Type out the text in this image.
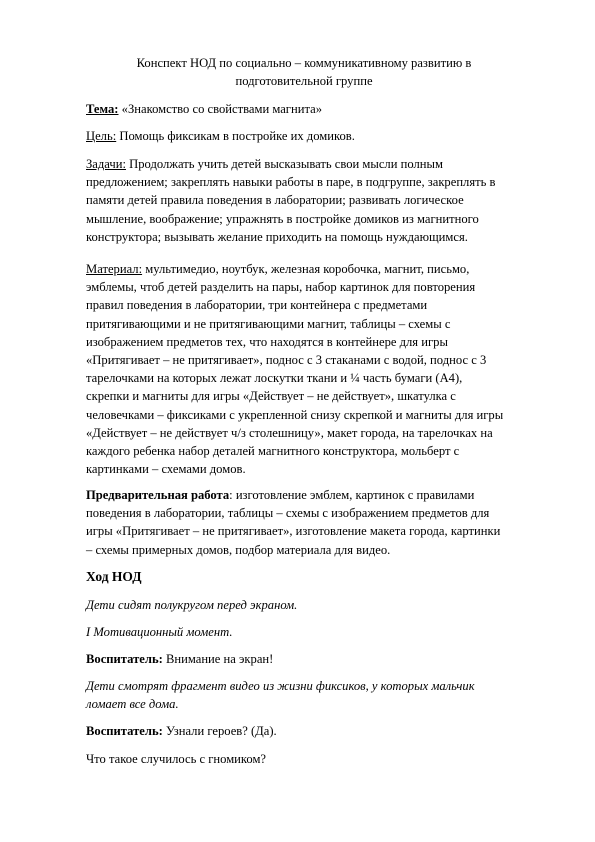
Конспект НОД по социально – коммуникативному развитию в
подготовительной группе
Тема: «Знакомство со свойствами магнита»
Цель: Помощь фиксикам в постройке их домиков.
Задачи: Продолжать учить детей высказывать свои мысли полным
предложением; закреплять навыки работы в паре, в подгруппе, закреплять в
памяти детей правила поведения в лаборатории; развивать логическое
мышление, воображение; упражнять в постройке домиков из магнитного
конструктора; вызывать желание приходить на помощь нуждающимся.
Материал: мультимедио, ноутбук, железная коробочка, магнит, письмо,
эмблемы, чтоб детей разделить на пары, набор картинок для повторения
правил поведения в лаборатории, три контейнера с предметами
притягивающими и не притягивающими магнит, таблицы – схемы с
изображением предметов тех, что находятся в контейнере для игры
«Притягивает – не притягивает», поднос с 3 стаканами с водой, поднос с 3
тарелочками на которых лежат лоскутки ткани и ¼ часть бумаги (А4),
скрепки и магниты для игры «Действует – не действует», шкатулка с
человечками – фиксиками с укрепленной снизу скрепкой и магниты для игры
«Действует – не действует ч/з столешницу», макет города, на тарелочках на
каждого ребенка набор деталей магнитного конструктора, мольберт с
картинками – схемами домов.
Предварительная работа: изготовление эмблем, картинок с правилами
поведения в лаборатории, таблицы – схемы с изображением предметов для
игры «Притягивает – не притягивает», изготовление макета города, картинки
– схемы примерных домов, подбор материала для видео.
Ход НОД
Дети сидят полукругом перед экраном.
I Мотивационный момент.
Воспитатель: Внимание на экран!
Дети смотрят фрагмент видео из жизни фиксиков, у которых мальчик
ломает все дома.
Воспитатель: Узнали героев? (Да).
Что такое случилось с гномиком?
